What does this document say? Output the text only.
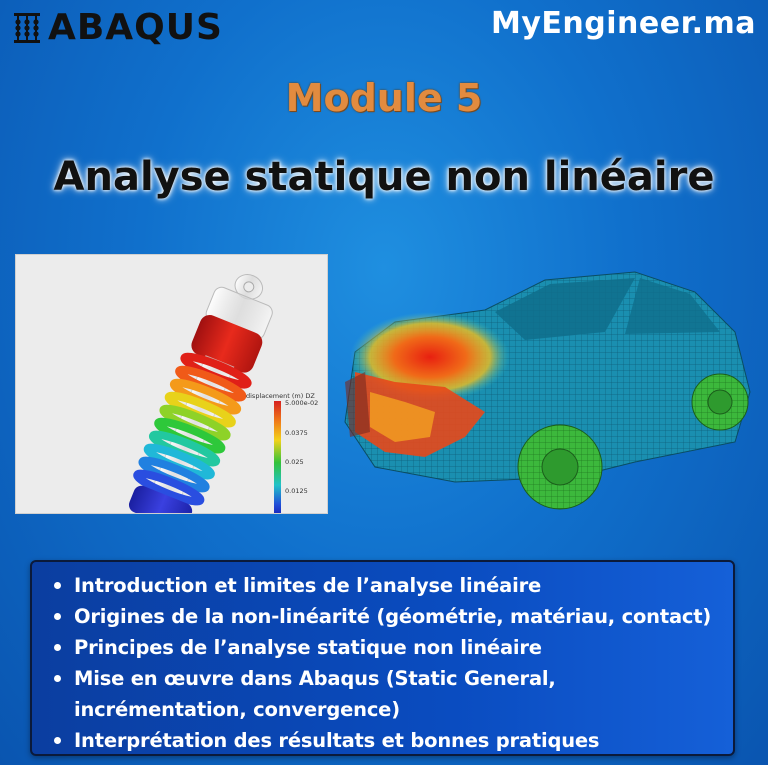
ABAQUS	MyEngineer.ma
Module 5
Analyse statique non linéaire
displacement (m) DZ
5.000e-02
0.0375
0.025
0.0125
Introduction et limites de l’analyse linéaire
Origines de la non-linéarité (géométrie, matériau, contact)
Principes de l’analyse statique non linéaire
Mise en œuvre dans Abaqus (Static General, incrémentation, convergence)
Interprétation des résultats et bonnes pratiques
